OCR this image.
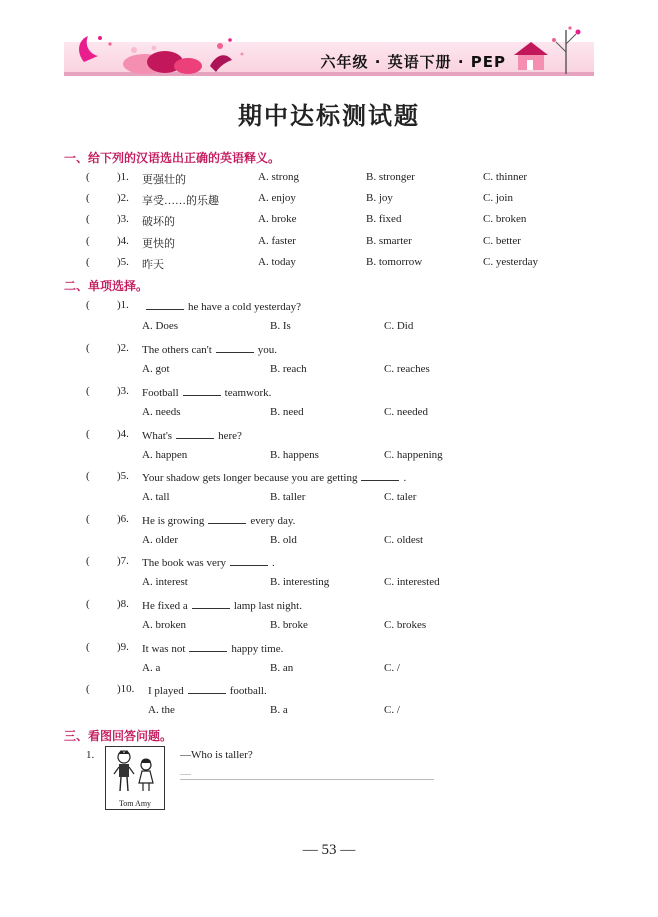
六年级 · 英语下册 · PEP
期中达标测试题
一、给下列的汉语选出正确的英语释义。
( )1. 更强壮的	A. strong	B. stronger	C. thinner
( )2. 享受……的乐趣	A. enjoy	B. joy	C. join
( )3. 破坏的	A. broke	B. fixed	C. broken
( )4. 更快的	A. faster	B. smarter	C. better
( )5. 昨天	A. today	B. tomorrow	C. yesterday
二、单项选择。
( )1.	he have a cold yesterday?
A. Does	B. Is	C. Did
( )2. The others can't	you.
A. got	B. reach	C. reaches
( )3. Football	teamwork.
A. needs	B. need	C. needed
( )4. What's	here?
A. happen	B. happens	C. happening
( )5. Your shadow gets longer because you are getting	.
A. tall	B. taller	C. taler
( )6. He is growing	every day.
A. older	B. old	C. oldest
( )7. The book was very	.
A. interest	B. interesting	C. interested
( )8. He fixed a	lamp last night.
A. broken	B. broke	C. brokes
( )9. It was not	happy time.
A. a	B. an	C. /
( )10. I played	football.
A. the	B. a	C. /
三、看图回答问题。
1.	—Who is taller?
Tom Amy
—
— 53 —
